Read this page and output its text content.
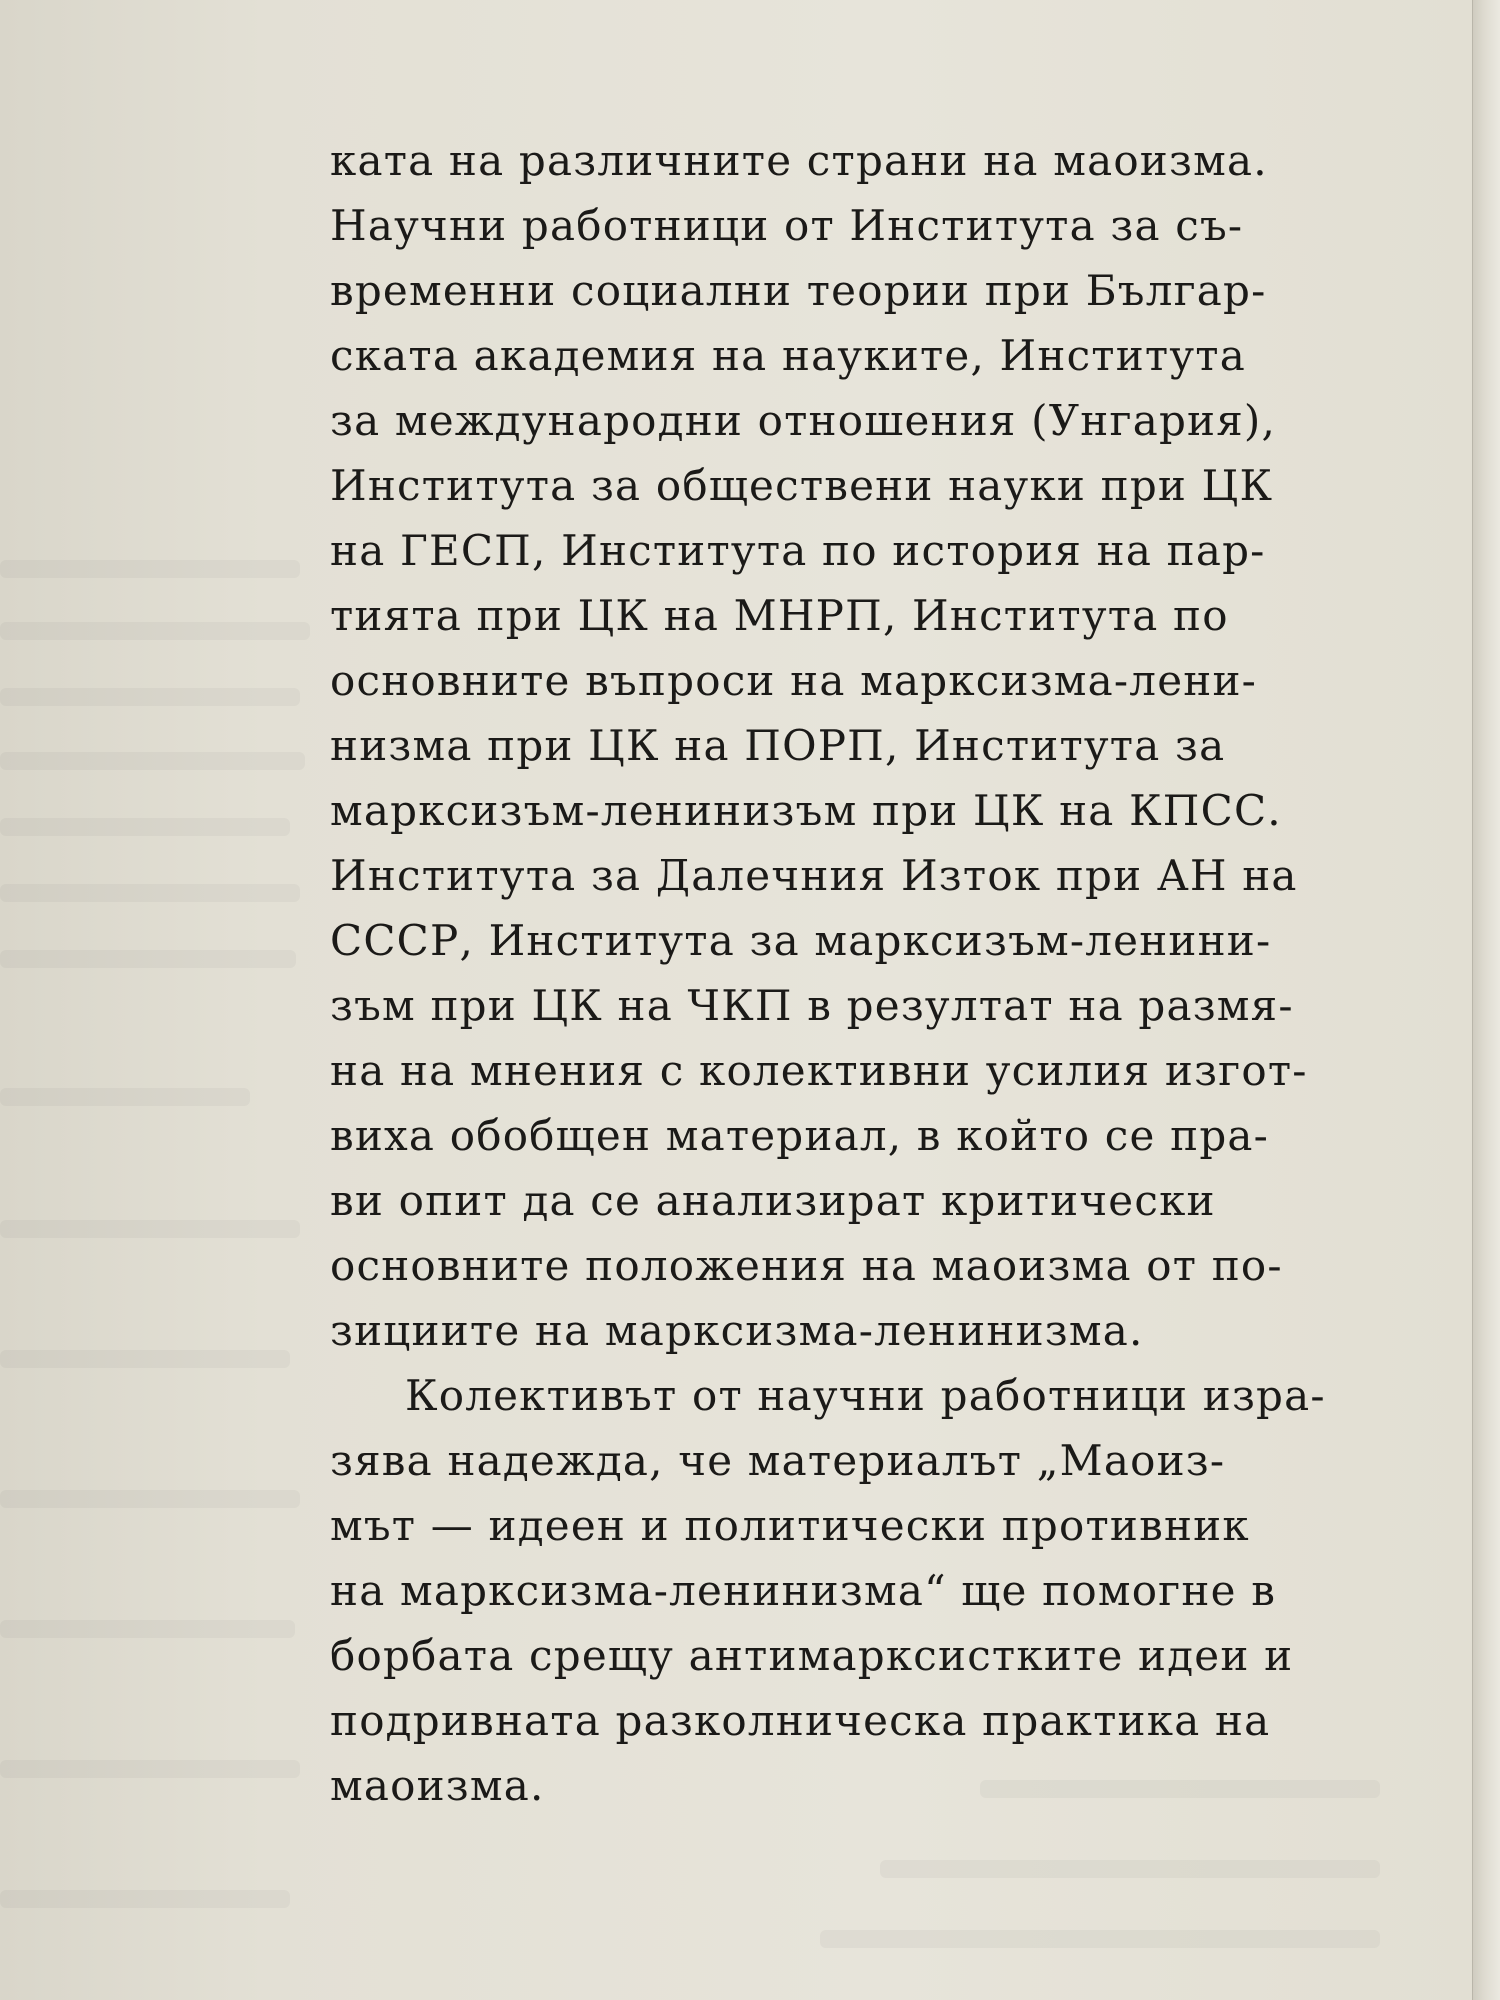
ката на различните страни на маоизма.
Научни работници от Института за съ-
временни социални теории при Българ-
ската академия на науките, Института
за международни отношения (Унгария),
Института за обществени науки при ЦК
на ГЕСП, Института по история на пар-
тията при ЦК на МНРП, Института по
основните въпроси на марксизма-лени-
низма при ЦК на ПОРП, Института за
марксизъм-ленинизъм при ЦК на КПСС.
Института за Далечния Изток при АН на
СССР, Института за марксизъм-ленини-
зъм при ЦК на ЧКП в резултат на размя-
на на мнения с колективни усилия изгот-
виха обобщен материал, в който се пра-
ви опит да се анализират критически
основните положения на маоизма от по-
зициите на марксизма-ленинизма.
Колективът от научни работници изра-
зява надежда, че материалът „Маоиз-
мът — идеен и политически противник
на марксизма-ленинизма“ ще помогне в
борбата срещу антимарксистките идеи и
подривната разколническа практика на
маоизма.
